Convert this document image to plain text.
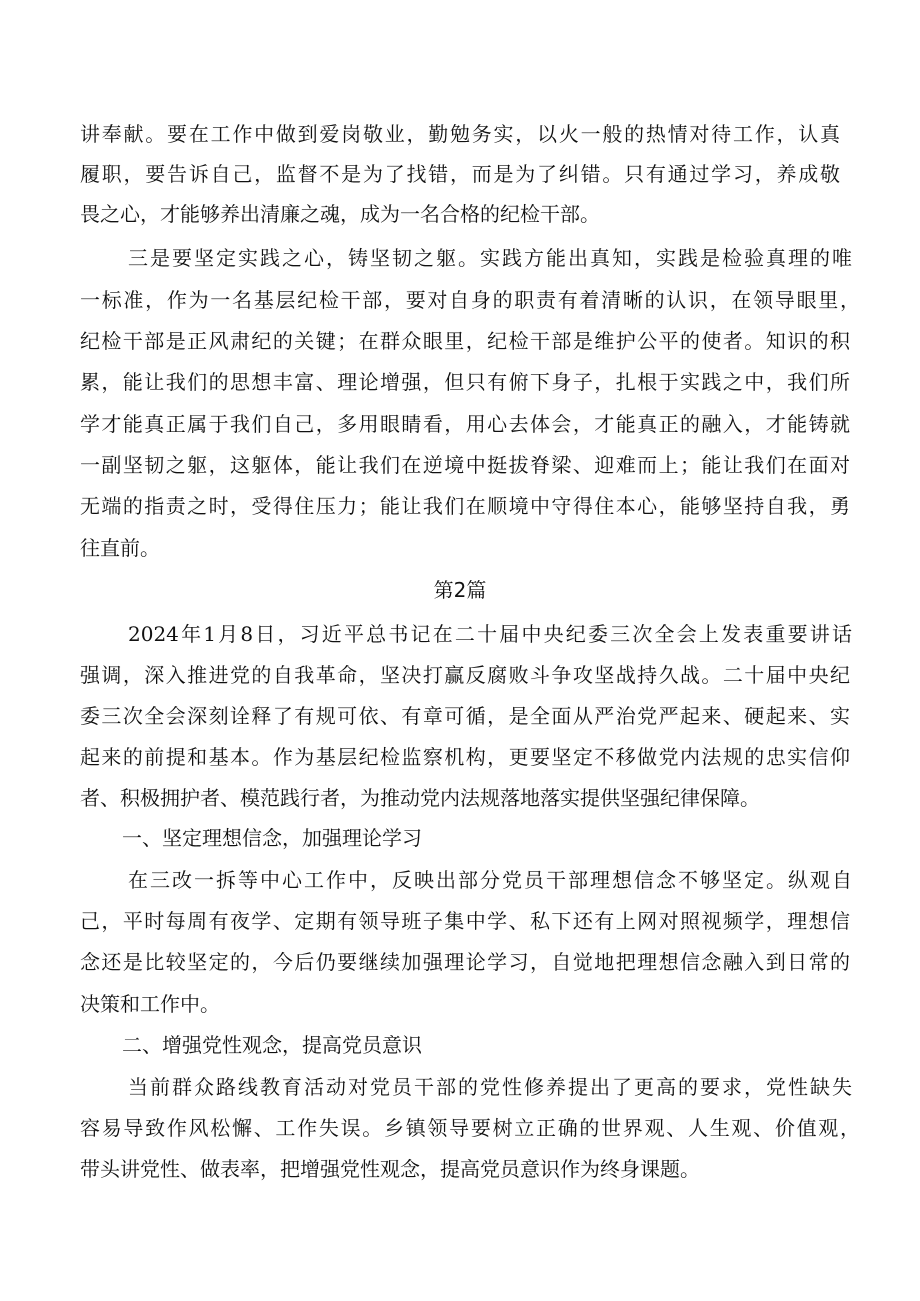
讲奉献。要在工作中做到爱岗敬业，勤勉务实，以火一般的热情对待工作，认真
履职，要告诉自己，监督不是为了找错，而是为了纠错。只有通过学习，养成敬
畏之心，才能够养出清廉之魂，成为一名合格的纪检干部。
三是要坚定实践之心，铸坚韧之躯。实践方能出真知，实践是检验真理的唯
一标准，作为一名基层纪检干部，要对自身的职责有着清晰的认识，在领导眼里，
纪检干部是正风肃纪的关键；在群众眼里，纪检干部是维护公平的使者。知识的积
累，能让我们的思想丰富、理论增强，但只有俯下身子，扎根于实践之中，我们所
学才能真正属于我们自己，多用眼睛看，用心去体会，才能真正的融入，才能铸就
一副坚韧之躯，这躯体，能让我们在逆境中挺拔脊梁、迎难而上；能让我们在面对
无端的指责之时，受得住压力；能让我们在顺境中守得住本心，能够坚持自我，勇
往直前。
第2篇
2024年1月8日，习近平总书记在二十届中央纪委三次全会上发表重要讲话
强调，深入推进党的自我革命，坚决打赢反腐败斗争攻坚战持久战。二十届中央纪
委三次全会深刻诠释了有规可依、有章可循，是全面从严治党严起来、硬起来、实
起来的前提和基本。作为基层纪检监察机构，更要坚定不移做党内法规的忠实信仰
者、积极拥护者、模范践行者，为推动党内法规落地落实提供坚强纪律保障。
一、坚定理想信念，加强理论学习
在三改一拆等中心工作中，反映出部分党员干部理想信念不够坚定。纵观自
己，平时每周有夜学、定期有领导班子集中学、私下还有上网对照视频学，理想信
念还是比较坚定的，今后仍要继续加强理论学习，自觉地把理想信念融入到日常的
决策和工作中。
二、增强党性观念，提高党员意识
当前群众路线教育活动对党员干部的党性修养提出了更高的要求，党性缺失
容易导致作风松懈、工作失误。乡镇领导要树立正确的世界观、人生观、价值观，
带头讲党性、做表率，把增强党性观念，提高党员意识作为终身课题。
